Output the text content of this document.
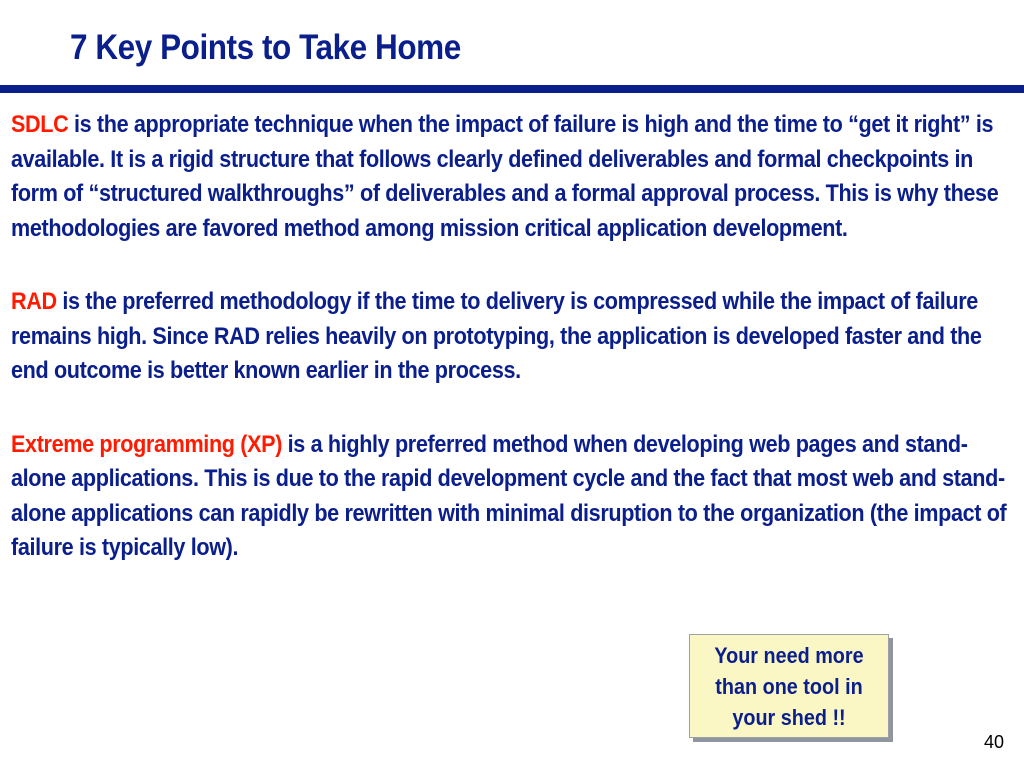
7 Key Points to Take Home

SDLC is the appropriate technique when the impact of failure is high and the time to “get it right” is available. It is a rigid structure that follows clearly defined deliverables and formal checkpoints in form of “structured walkthroughs” of deliverables and a formal approval process. This is why these methodologies are favored method among mission critical application development.

RAD is the preferred methodology if the time to delivery is compressed while the impact of failure remains high. Since RAD relies heavily on prototyping, the application is developed faster and the end outcome is better known earlier in the process.

Extreme programming (XP) is a highly preferred method when developing web pages and stand-alone applications. This is due to the rapid development cycle and the fact that most web and stand-alone applications can rapidly be rewritten with minimal disruption to the organization (the impact of failure is typically low).

Your need more than one tool in your shed !!
40
